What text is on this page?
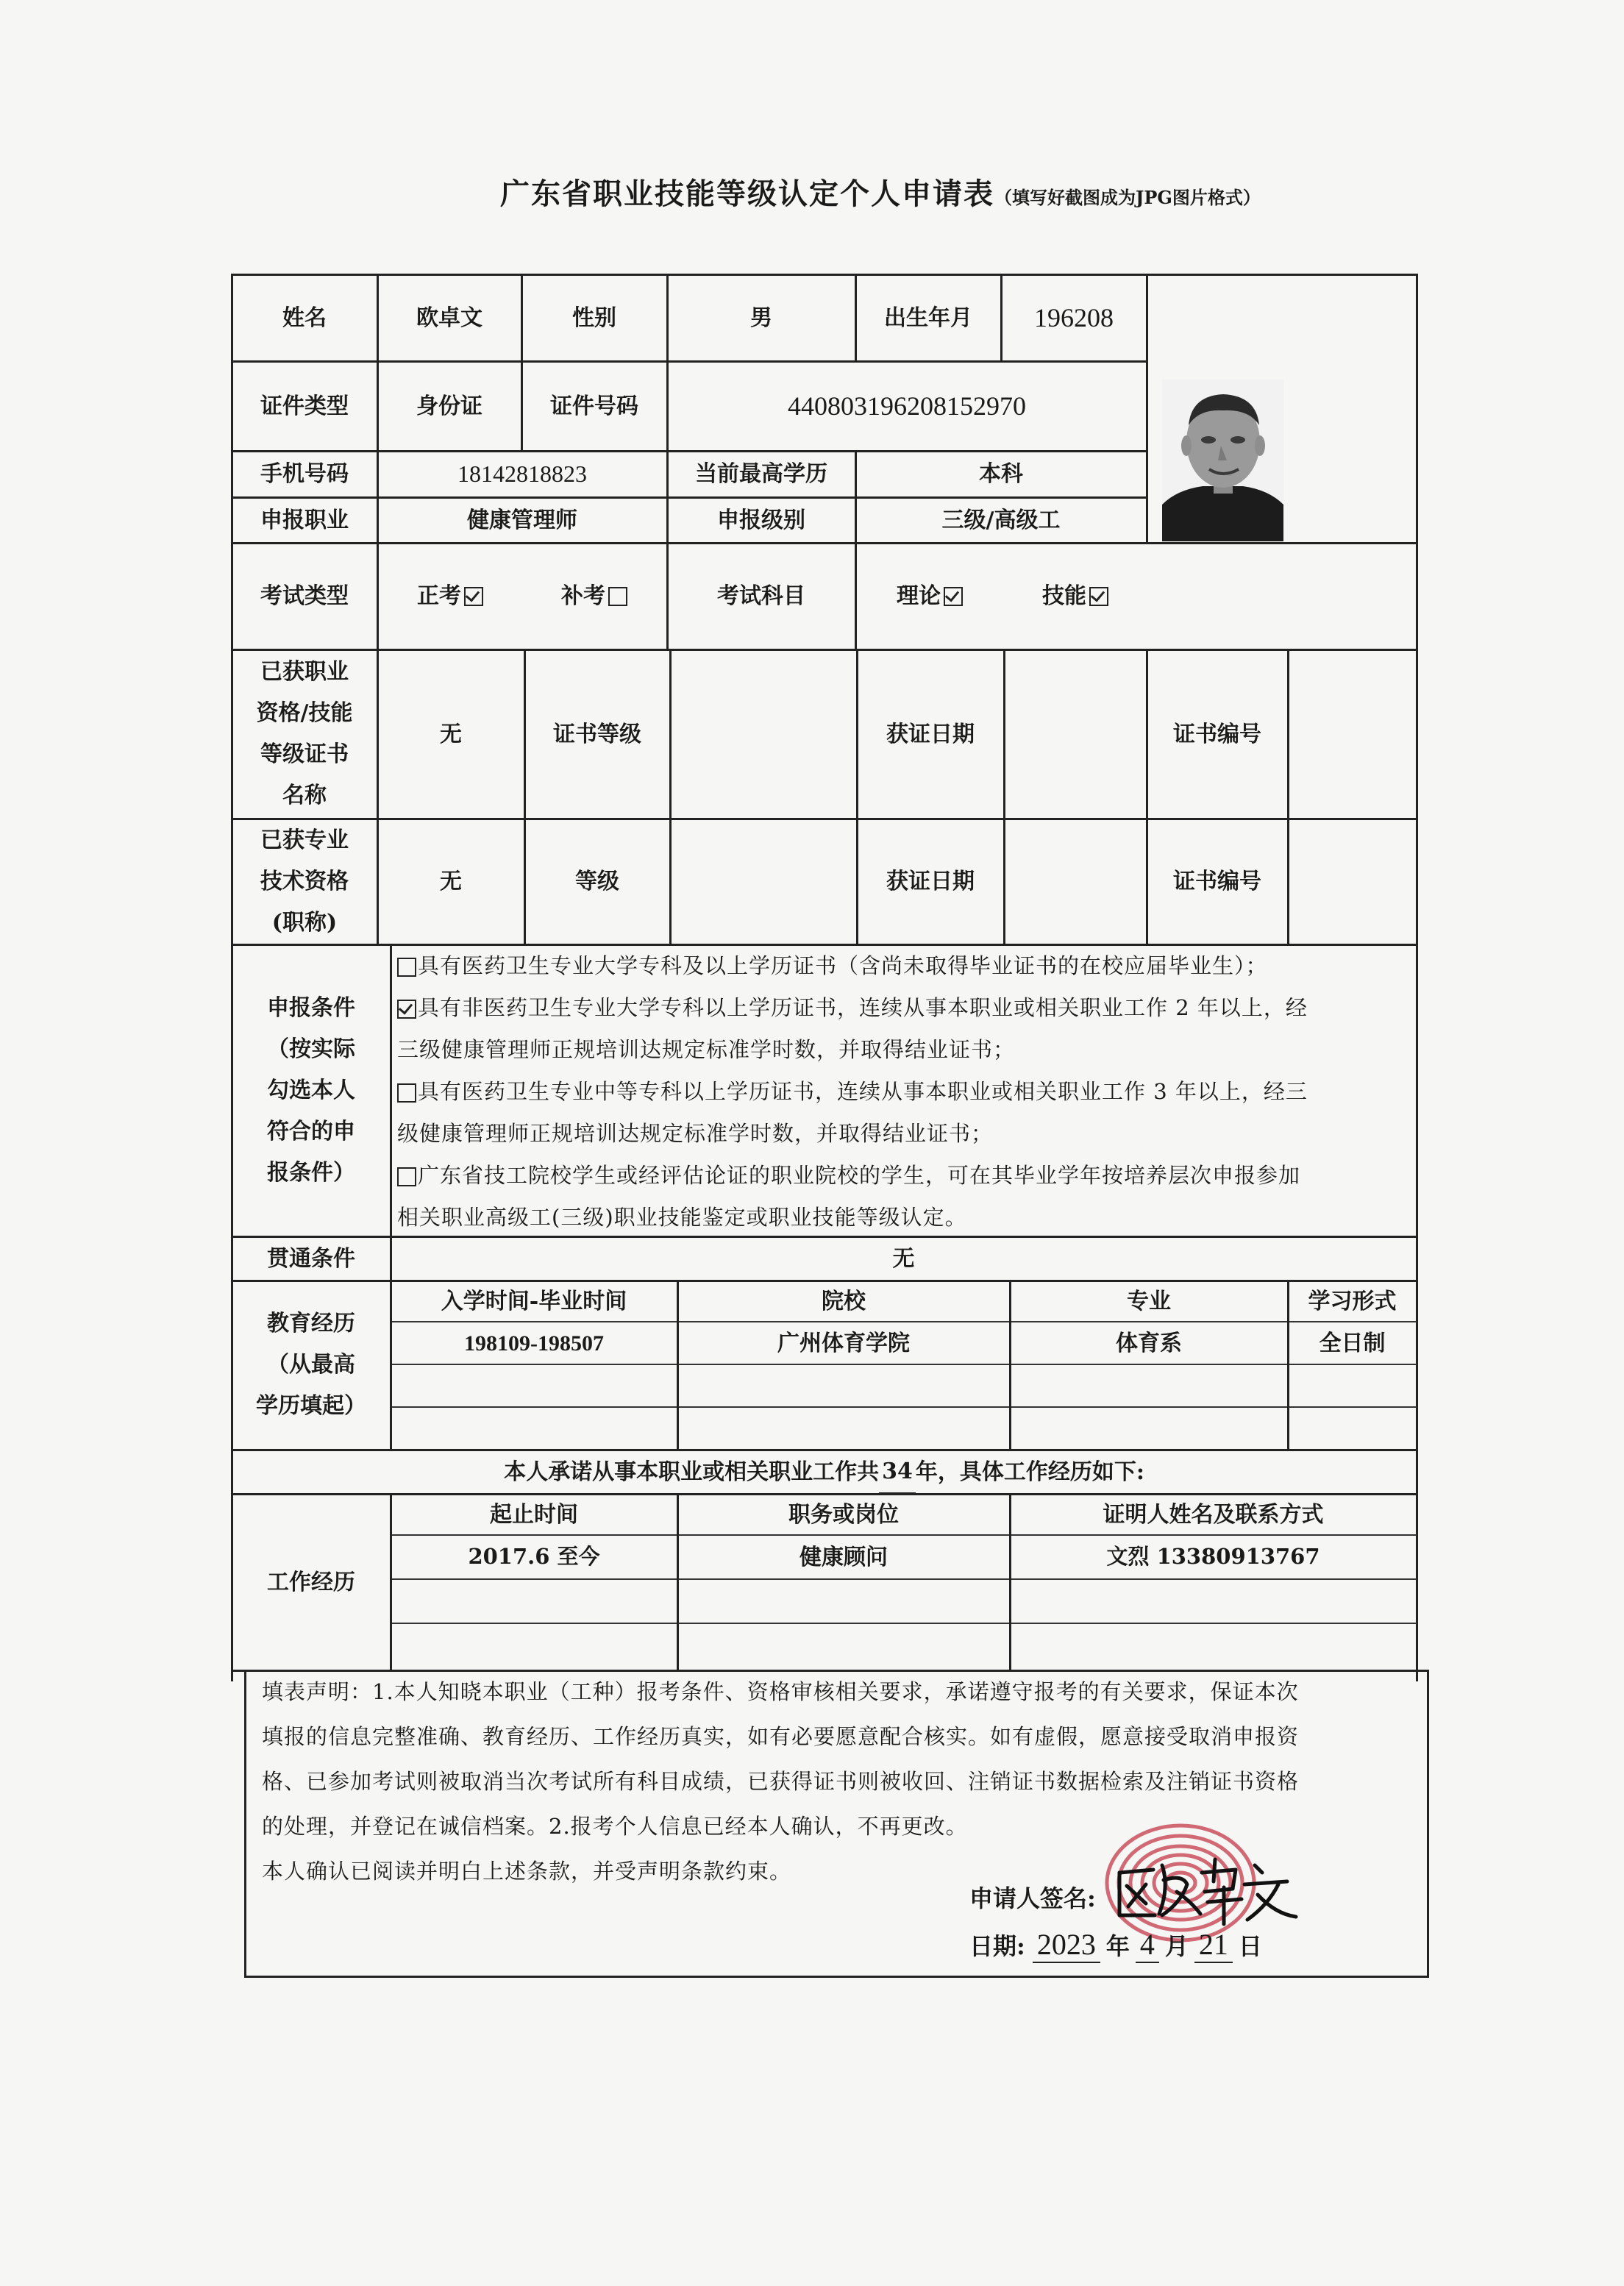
广东省职业技能等级认定个人申请表（填写好截图成为JPG图片格式）
姓名	欧卓文	性别	男	出生年月	196208
证件类型	身份证	证件号码	440803196208152970
手机号码	18142818823	当前最高学历	本科
申报职业	健康管理师	申报级别	三级/高级工
考试类型	正考	补考	考试科目	理论	技能
已获职业
资格/技能
等级证书
名称
无	证书等级	获证日期	证书编号
已获专业
技术资格
(职称)
无	等级	获证日期	证书编号
申报条件
（按实际
勾选本人
符合的申
报条件）
具有医药卫生专业大学专科及以上学历证书（含尚未取得毕业证书的在校应届毕业生）；
具有非医药卫生专业大学专科以上学历证书，连续从事本职业或相关职业工作 2 年以上，经
三级健康管理师正规培训达规定标准学时数，并取得结业证书；
具有医药卫生专业中等专科以上学历证书，连续从事本职业或相关职业工作 3 年以上，经三
级健康管理师正规培训达规定标准学时数，并取得结业证书；
广东省技工院校学生或经评估论证的职业院校的学生，可在其毕业学年按培养层次申报参加
相关职业高级工(三级)职业技能鉴定或职业技能等级认定。
贯通条件	无
教育经历
（从最高
学历填起）
入学时间-毕业时间	院校	专业	学习形式
198109-198507	广州体育学院	体育系	全日制
本人承诺从事本职业或相关职业工作共 34 年，具体工作经历如下:
工作经历
起止时间	职务或岗位	证明人姓名及联系方式
2017.6 至今	健康顾问	文烈 13380913767
填表声明：1.本人知晓本职业（工种）报考条件、资格审核相关要求，承诺遵守报考的有关要求，保证本次
填报的信息完整准确、教育经历、工作经历真实，如有必要愿意配合核实。如有虚假，愿意接受取消申报资
格、已参加考试则被取消当次考试所有科目成绩，已获得证书则被收回、注销证书数据检索及注销证书资格
的处理，并登记在诚信档案。2.报考个人信息已经本人确认，不再更改。
本人确认已阅读并明白上述条款，并受声明条款约束。
申请人签名:
日期: 2023 年 4 月 21 日
